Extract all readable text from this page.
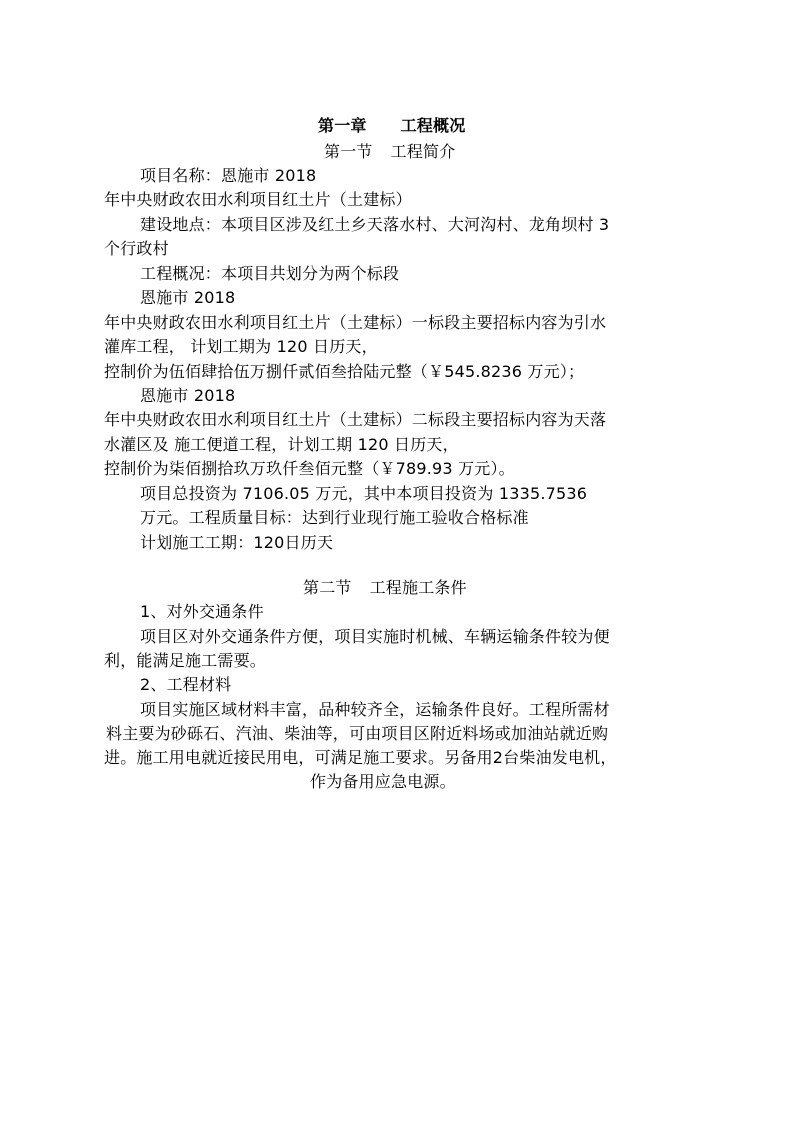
第一章 工程概况
第一节 工程简介
项目名称：恩施市 2018
年中央财政农田水利项目红土片（土建标）
建设地点：本项目区涉及红土乡天落水村、大河沟村、龙角坝村 3
个行政村
工程概况：本项目共划分为两个标段
恩施市 2018
年中央财政农田水利项目红土片（土建标）一标段主要招标内容为引水
灌库工程， 计划工期为 120 日历天，
控制价为伍佰肆拾伍万捌仟贰佰叁拾陆元整（￥545.8236 万元）；
恩施市 2018
年中央财政农田水利项目红土片（土建标）二标段主要招标内容为天落
水灌区及 施工便道工程，计划工期 120 日历天，
控制价为柒佰捌拾玖万玖仟叁佰元整（￥789.93 万元）。
项目总投资为 7106.05 万元，其中本项目投资为 1335.7536
万元。工程质量目标：达到行业现行施工验收合格标准
计划施工工期：120日历天
第二节 工程施工条件
1、对外交通条件
项目区对外交通条件方便，项目实施时机械、车辆运输条件较为便
利，能满足施工需要。
2、工程材料
项目实施区域材料丰富，品种较齐全，运输条件良好。工程所需材
料主要为砂砾石、汽油、柴油等，可由项目区附近料场或加油站就近购
进。施工用电就近接民用电，可满足施工要求。另备用2台柴油发电机，
作为备用应急电源。
